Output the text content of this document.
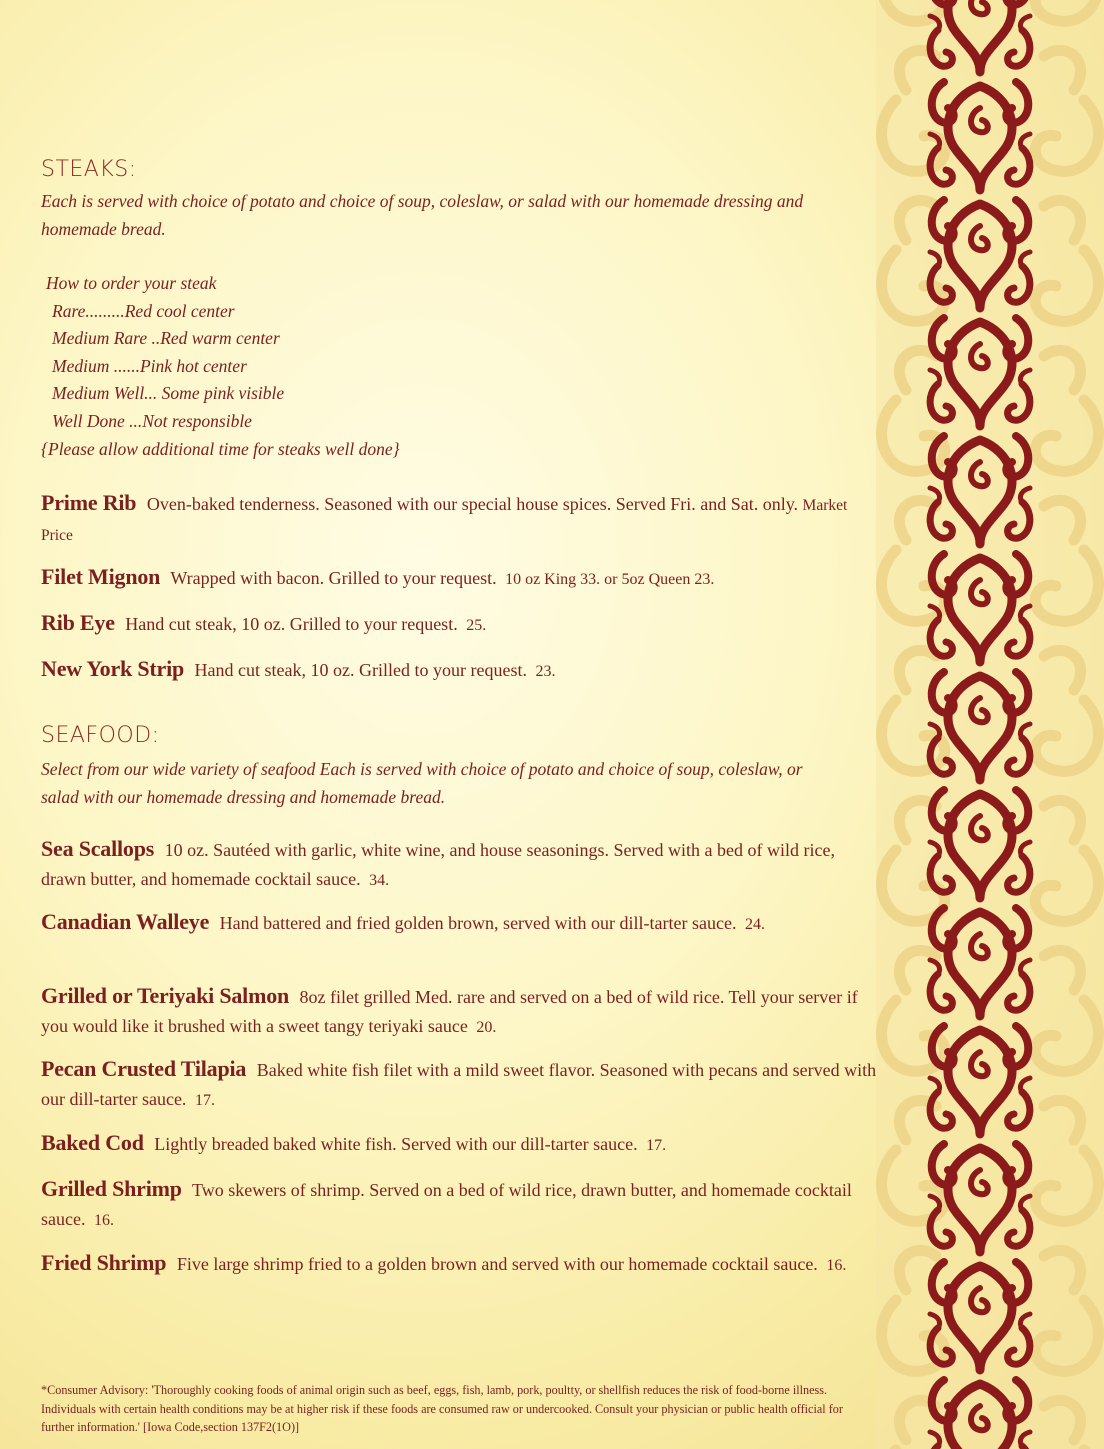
STEAKS:
Each is served with choice of potato and choice of soup, coleslaw, or salad with our homemade dressing and homemade bread.
How to order your steak
Rare.........Red cool center
Medium Rare ..Red warm center
Medium ......Pink hot center
Medium Well... Some pink visible
Well Done ...Not responsible
{Please allow additional time for steaks well done}
Prime Rib Oven-baked tenderness. Seasoned with our special house spices. Served Fri. and Sat. only. Market Price
Filet Mignon Wrapped with bacon. Grilled to your request. 10 oz King 33. or 5oz Queen 23.
Rib Eye Hand cut steak, 10 oz. Grilled to your request. 25.
New York Strip Hand cut steak, 10 oz. Grilled to your request. 23.
SEAFOOD:
Select from our wide variety of seafood Each is served with choice of potato and choice of soup, coleslaw, or salad with our homemade dressing and homemade bread.
Sea Scallops 10 oz. Sautéed with garlic, white wine, and house seasonings. Served with a bed of wild rice, drawn butter, and homemade cocktail sauce. 34.
Canadian Walleye Hand battered and fried golden brown, served with our dill-tarter sauce. 24.
Grilled or Teriyaki Salmon 8oz filet grilled Med. rare and served on a bed of wild rice. Tell your server if you would like it brushed with a sweet tangy teriyaki sauce 20.
Pecan Crusted Tilapia Baked white fish filet with a mild sweet flavor. Seasoned with pecans and served with our dill-tarter sauce. 17.
Baked Cod Lightly breaded baked white fish. Served with our dill-tarter sauce. 17.
Grilled Shrimp Two skewers of shrimp. Served on a bed of wild rice, drawn butter, and homemade cocktail sauce. 16.
Fried Shrimp Five large shrimp fried to a golden brown and served with our homemade cocktail sauce. 16.
*Consumer Advisory: 'Thoroughly cooking foods of animal origin such as beef, eggs, fish, lamb, pork, poultty, or shellfish reduces the risk of food-borne illness. Individuals with certain health conditions may be at higher risk if these foods are consumed raw or undercooked. Consult your physician or public health official for further information.' [Iowa Code,section 137F2(1O)]
